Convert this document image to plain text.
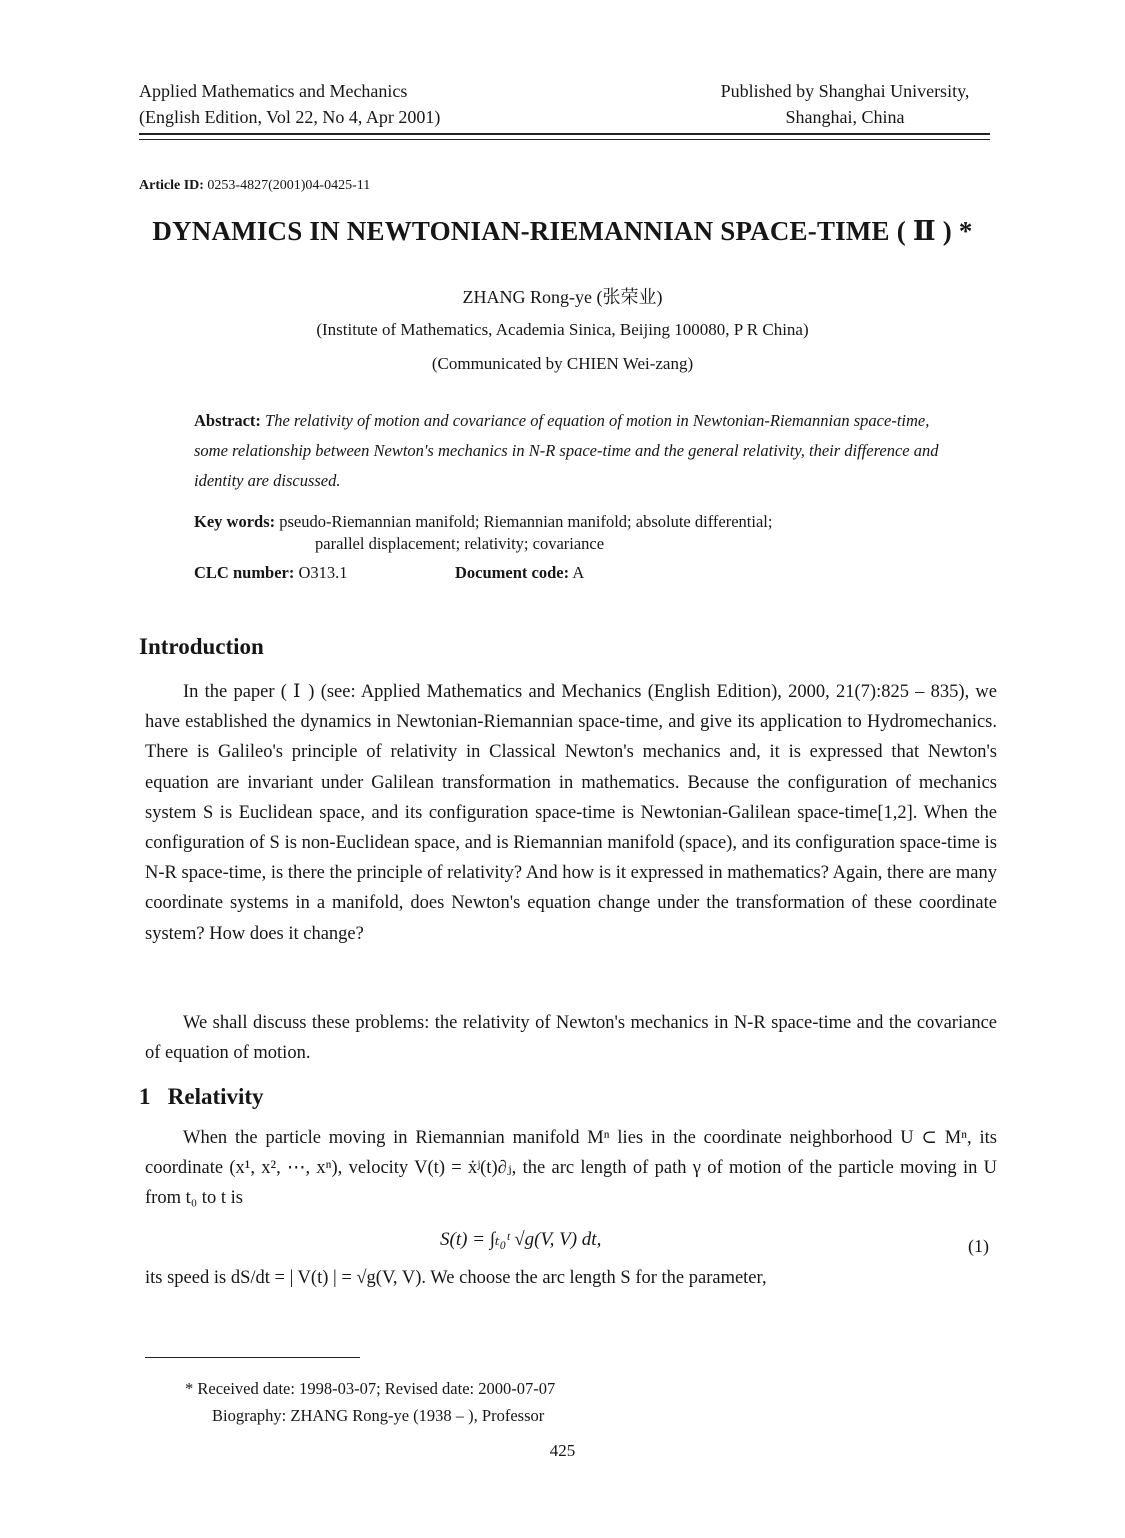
Applied Mathematics and Mechanics
(English Edition, Vol 22, No 4, Apr 2001)
Published by Shanghai University,
Shanghai, China
Article ID: 0253-4827(2001)04-0425-11
DYNAMICS IN NEWTONIAN-RIEMANNIAN SPACE-TIME ( Ⅱ ) *
ZHANG Rong-ye (张荣业)
(Institute of Mathematics, Academia Sinica, Beijing 100080, P R China)
(Communicated by CHIEN Wei-zang)
Abstract: The relativity of motion and covariance of equation of motion in Newtonian-Riemannian space-time, some relationship between Newton's mechanics in N-R space-time and the general relativity, their difference and identity are discussed.
Key words: pseudo-Riemannian manifold; Riemannian manifold; absolute differential;
parallel displacement; relativity; covariance
CLC number: O313.1	Document code: A
Introduction
In the paper ( Ⅰ ) (see: Applied Mathematics and Mechanics (English Edition), 2000, 21(7):825 – 835), we have established the dynamics in Newtonian-Riemannian space-time, and give its application to Hydromechanics. There is Galileo's principle of relativity in Classical Newton's mechanics and, it is expressed that Newton's equation are invariant under Galilean transformation in mathematics. Because the configuration of mechanics system S is Euclidean space, and its configuration space-time is Newtonian-Galilean space-time[1,2]. When the configuration of S is non-Euclidean space, and is Riemannian manifold (space), and its configuration space-time is N-R space-time, is there the principle of relativity? And how is it expressed in mathematics? Again, there are many coordinate systems in a manifold, does Newton's equation change under the transformation of these coordinate system? How does it change?
We shall discuss these problems: the relativity of Newton's mechanics in N-R space-time and the covariance of equation of motion.
1 Relativity
When the particle moving in Riemannian manifold Mⁿ lies in the coordinate neighborhood U ⊂ Mⁿ, its coordinate (x¹, x², ⋯, xⁿ), velocity V(t) = ẋʲ(t)∂ⱼ, the arc length of path γ of motion of the particle moving in U from t₀ to t is
S(t) = ∫ₜ₀ᵗ √g(V, V) dt,	(1)
its speed is dS/dt = | V(t) | = √g(V, V). We choose the arc length S for the parameter,
* Received date: 1998-03-07; Revised date: 2000-07-07
Biography: ZHANG Rong-ye (1938 – ), Professor
425
